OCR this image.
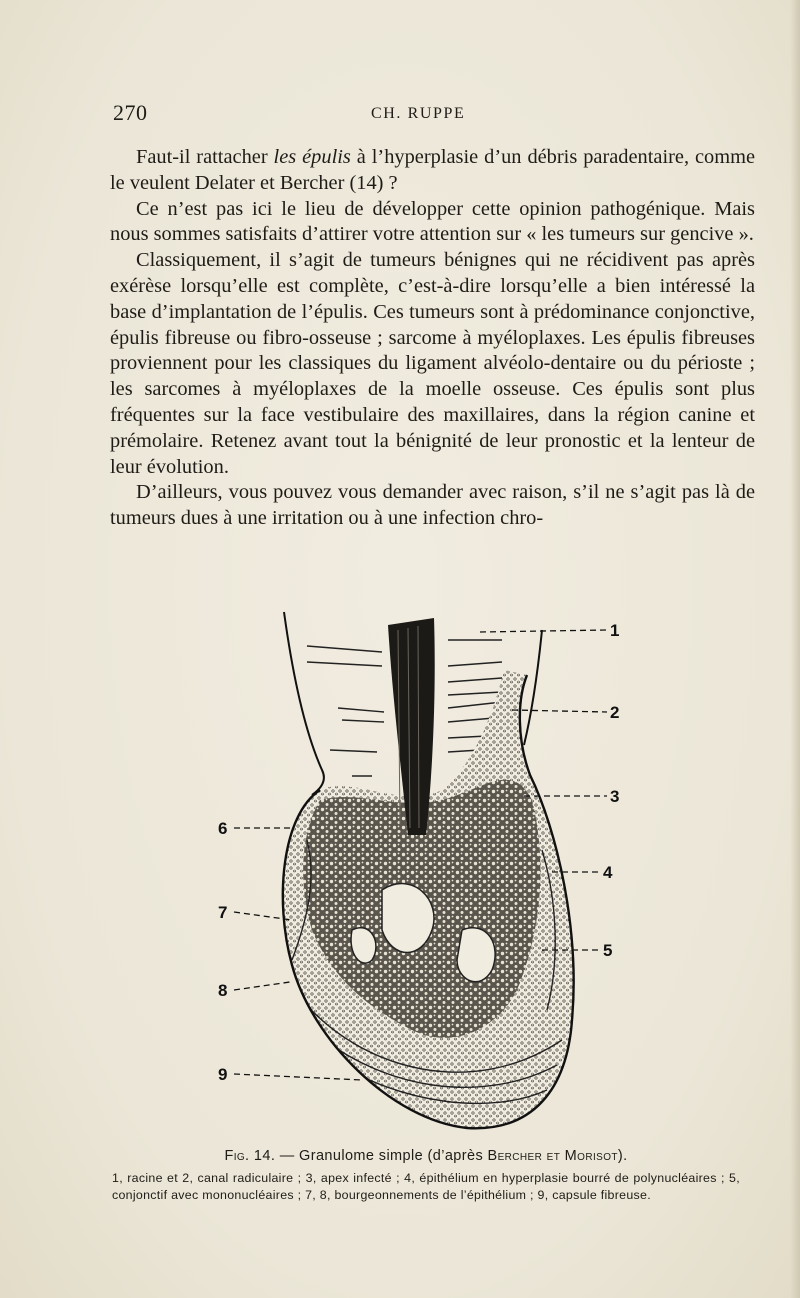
270	CH. RUPPE

Faut-il rattacher les épulis à l’hyperplasie d’un débris paradentaire, comme le veulent Delater et Bercher (14) ?

Ce n’est pas ici le lieu de développer cette opinion pathogénique. Mais nous sommes satisfaits d’attirer votre attention sur « les tumeurs sur gencive ».

Classiquement, il s’agit de tumeurs bénignes qui ne récidivent pas après exérèse lorsqu’elle est complète, c’est-à-dire lorsqu’elle a bien intéressé la base d’implantation de l’épulis. Ces tumeurs sont à prédominance conjonctive, épulis fibreuse ou fibro-osseuse ; sarcome à myéloplaxes. Les épulis fibreuses proviennent pour les classiques du ligament alvéolo-dentaire ou du périoste ; les sarcomes à myéloplaxes de la moelle osseuse. Ces épulis sont plus fréquentes sur la face vestibulaire des maxillaires, dans la région canine et prémolaire. Retenez avant tout la bénignité de leur pronostic et la lenteur de leur évolution.

D’ailleurs, vous pouvez vous demander avec raison, s’il ne s’agit pas là de tumeurs dues à une irritation ou à une infection chro-

1
2
3
4
5
6
7
8
9

Fig. 14. — Granulome simple (d’après Bercher et Morisot).

1, racine et 2, canal radiculaire ; 3, apex infecté ; 4, épithélium en hyperplasie bourré de polynucléaires ; 5, conjonctif avec mononucléaires ; 7, 8, bourgeonnements de l’épithélium ; 9, capsule fibreuse.
